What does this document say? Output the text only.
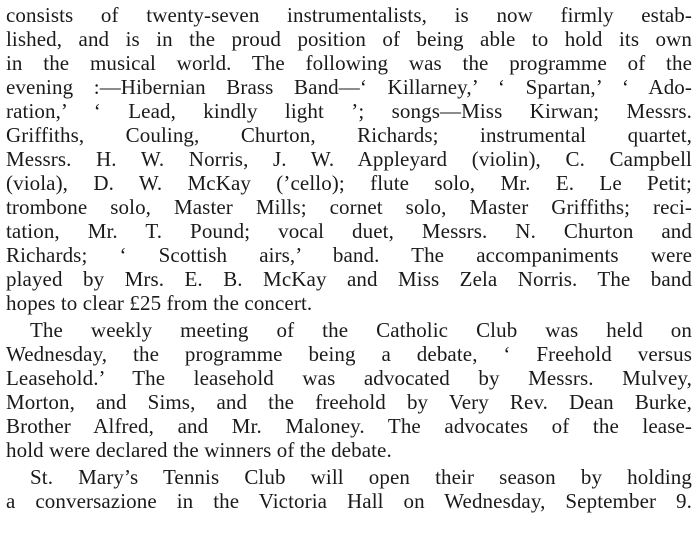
consists of twenty-seven instrumentalists, is now firmly estab-
lished, and is in the proud position of being able to hold its own
in the musical world. The following was the programme of the
evening :—Hibernian Brass Band—‘ Killarney,’ ‘ Spartan,’ ‘ Ado-
ration,’ ‘ Lead, kindly light ’; songs—Miss Kirwan; Messrs.
Griffiths, Couling, Churton, Richards; instrumental quartet,
Messrs. H. W. Norris, J. W. Appleyard (violin), C. Campbell
(viola), D. W. McKay (’cello); flute solo, Mr. E. Le Petit;
trombone solo, Master Mills; cornet solo, Master Griffiths; reci-
tation, Mr. T. Pound; vocal duet, Messrs. N. Churton and
Richards; ‘ Scottish airs,’ band. The accompaniments were
played by Mrs. E. B. McKay and Miss Zela Norris. The band
hopes to clear £25 from the concert.
The weekly meeting of the Catholic Club was held on
Wednesday, the programme being a debate, ‘ Freehold versus
Leasehold.’ The leasehold was advocated by Messrs. Mulvey,
Morton, and Sims, and the freehold by Very Rev. Dean Burke,
Brother Alfred, and Mr. Maloney. The advocates of the lease-
hold were declared the winners of the debate.
St. Mary’s Tennis Club will open their season by holding
a conversazione in the Victoria Hall on Wednesday, September 9.
